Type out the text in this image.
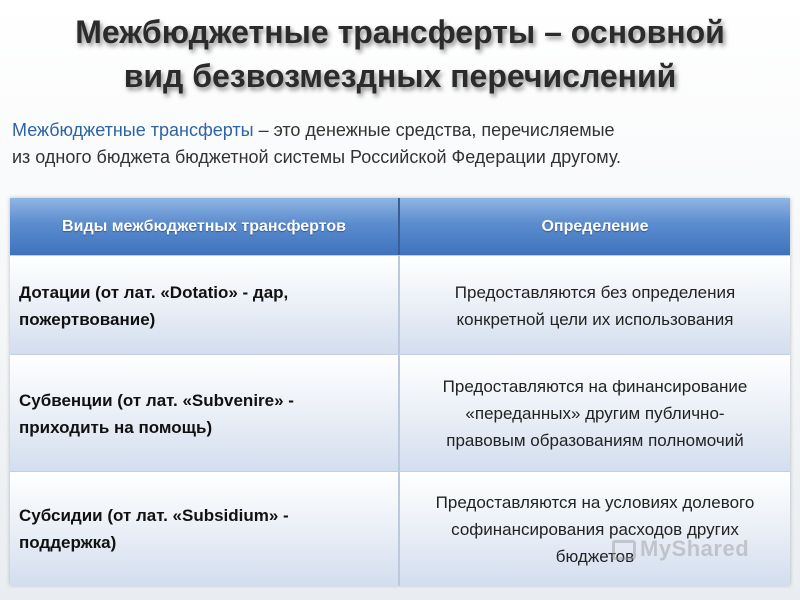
Межбюджетные трансферты – основной
вид безвозмездных перечислений
Межбюджетные трансферты – это денежные средства, перечисляемые
из одного бюджета бюджетной системы Российской Федерации другому.
Виды межбюджетных трансфертов	Определение
Дотации (от лат. «Dotatio» - дар,
пожертвование)
Предоставляются без определения
конкретной цели их использования
Субвенции (от лат. «Subvenire» -
приходить на помощь)
Предоставляются на финансирование
«переданных» другим публично-
правовым образованиям полномочий
Субсидии (от лат. «Subsidium» -
поддержка)
Предоставляются на условиях долевого
софинансирования расходов других
бюджетов MyShared
